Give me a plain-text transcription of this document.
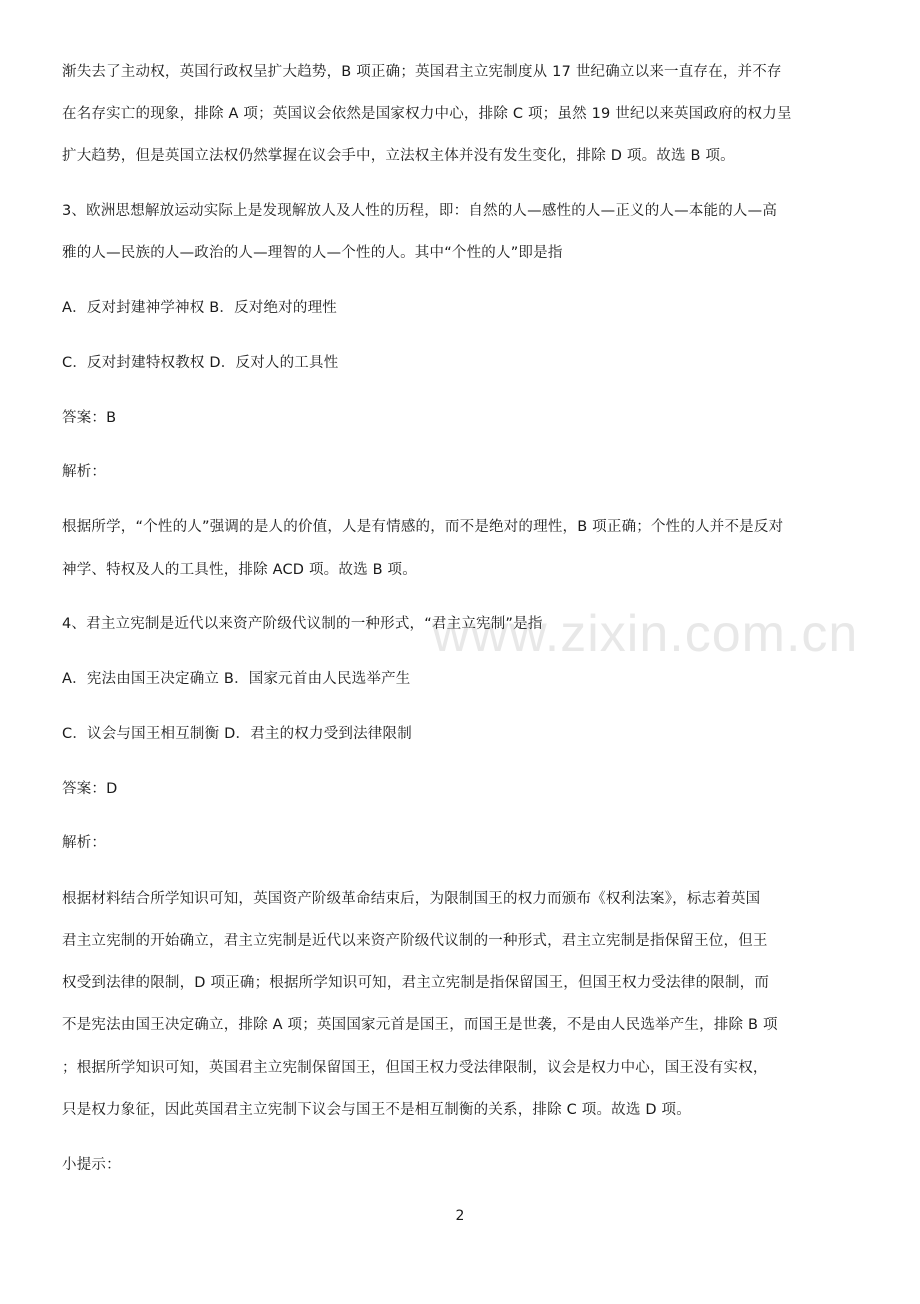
www.zixin.com.cn
渐失去了主动权，英国行政权呈扩大趋势，B 项正确；英国君主立宪制度从 17 世纪确立以来一直存在，并不存
在名存实亡的现象，排除 A 项；英国议会依然是国家权力中心，排除 C 项；虽然 19 世纪以来英国政府的权力呈
扩大趋势，但是英国立法权仍然掌握在议会手中，立法权主体并没有发生变化，排除 D 项。故选 B 项。
3、欧洲思想解放运动实际上是发现解放人及人性的历程，即：自然的人—感性的人—正义的人—本能的人—高
雅的人—民族的人—政治的人—理智的人—个性的人。其中“个性的人”即是指
A．反对封建神学神权 B．反对绝对的理性
C．反对封建特权教权 D．反对人的工具性
答案：B
解析：
根据所学，“个性的人”强调的是人的价值，人是有情感的，而不是绝对的理性，B 项正确；个性的人并不是反对
神学、特权及人的工具性，排除 ACD 项。故选 B 项。
4、君主立宪制是近代以来资产阶级代议制的一种形式，“君主立宪制”是指
A．宪法由国王决定确立 B．国家元首由人民选举产生
C．议会与国王相互制衡 D．君主的权力受到法律限制
答案：D
解析：
根据材料结合所学知识可知，英国资产阶级革命结束后，为限制国王的权力而颁布《权利法案》，标志着英国
君主立宪制的开始确立，君主立宪制是近代以来资产阶级代议制的一种形式，君主立宪制是指保留王位，但王
权受到法律的限制，D 项正确；根据所学知识可知，君主立宪制是指保留国王，但国王权力受法律的限制，而
不是宪法由国王决定确立，排除 A 项；英国国家元首是国王，而国王是世袭，不是由人民选举产生，排除 B 项
；根据所学知识可知，英国君主立宪制保留国王，但国王权力受法律限制，议会是权力中心，国王没有实权，
只是权力象征，因此英国君主立宪制下议会与国王不是相互制衡的关系，排除 C 项。故选 D 项。
小提示：
2
